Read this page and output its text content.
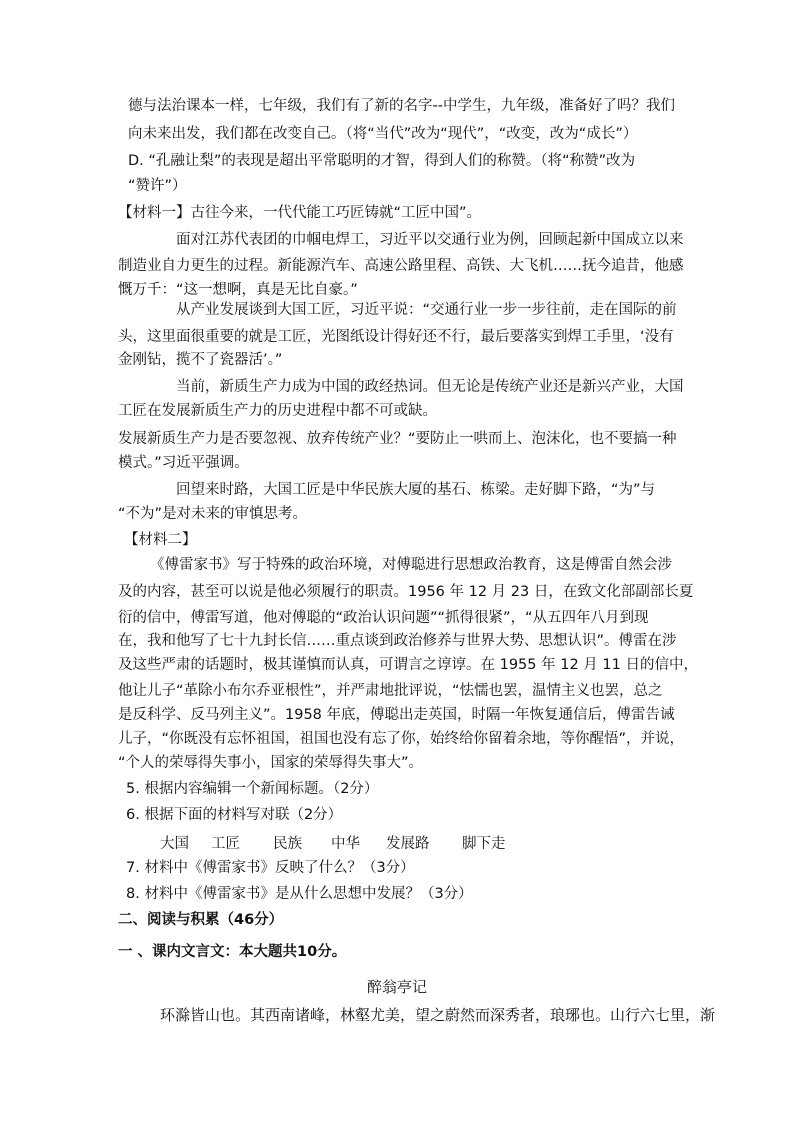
德与法治课本一样，七年级，我们有了新的名字--中学生，九年级，准备好了吗？我们
向未来出发，我们都在改变自己。（将“当代”改为“现代”，“改变，改为“成长”）
D. “孔融让梨”的表现是超出平常聪明的才智，得到人们的称赞。（将“称赞”改为
“赞许”）
【材料一】古往今来，一代代能工巧匠铸就“工匠中国”。
面对江苏代表团的巾帼电焊工，习近平以交通行业为例，回顾起新中国成立以来
制造业自力更生的过程。新能源汽车、高速公路里程、高铁、大飞机……抚今追昔，他感
慨万千：“这一想啊，真是无比自豪。”
从产业发展谈到大国工匠，习近平说：“交通行业一步一步往前，走在国际的前
头，这里面很重要的就是工匠，光图纸设计得好还不行，最后要落实到焊工手里，‘没有
金刚钻，揽不了瓷器活’。”
当前，新质生产力成为中国的政经热词。但无论是传统产业还是新兴产业，大国
工匠在发展新质生产力的历史进程中都不可或缺。
发展新质生产力是否要忽视、放弃传统产业？“要防止一哄而上、泡沫化，也不要搞一种
模式。”习近平强调。
回望来时路，大国工匠是中华民族大厦的基石、栋梁。走好脚下路，“为”与
“不为”是对未来的审慎思考。
【材料二】
《傅雷家书》写于特殊的政治环境，对傅聪进行思想政治教育，这是傅雷自然会涉
及的内容，甚至可以说是他必须履行的职责。1956 年 12 月 23 日，在致文化部副部长夏
衍的信中，傅雷写道，他对傅聪的“政治认识问题”“抓得很紧”，“从五四年八月到现
在，我和他写了七十九封长信……重点谈到政治修养与世界大势、思想认识”。傅雷在涉
及这些严肃的话题时，极其谨慎而认真，可谓言之谆谆。在 1955 年 12 月 11 日的信中，
他让儿子“革除小布尔乔亚根性”，并严肃地批评说，“怯懦也罢，温情主义也罢，总之
是反科学、反马列主义”。1958 年底，傅聪出走英国，时隔一年恢复通信后，傅雷告诫
儿子，“你既没有忘怀祖国，祖国也没有忘了你，始终给你留着余地，等你醒悟”，并说，
“个人的荣辱得失事小，国家的荣辱得失事大”。
5. 根据内容编辑一个新闻标题。（2分）
6. 根据下面的材料写对联（2分）
大国 工匠 民族 中华 发展路 脚下走
7. 材料中《傅雷家书》反映了什么？（3分）
8. 材料中《傅雷家书》是从什么思想中发展？（3分）
二、阅读与积累（46分）
一 、课内文言文：本大题共10分。
醉翁亭记
环滁皆山也。其西南诸峰，林壑尤美，望之蔚然而深秀者，琅琊也。山行六七里，渐
